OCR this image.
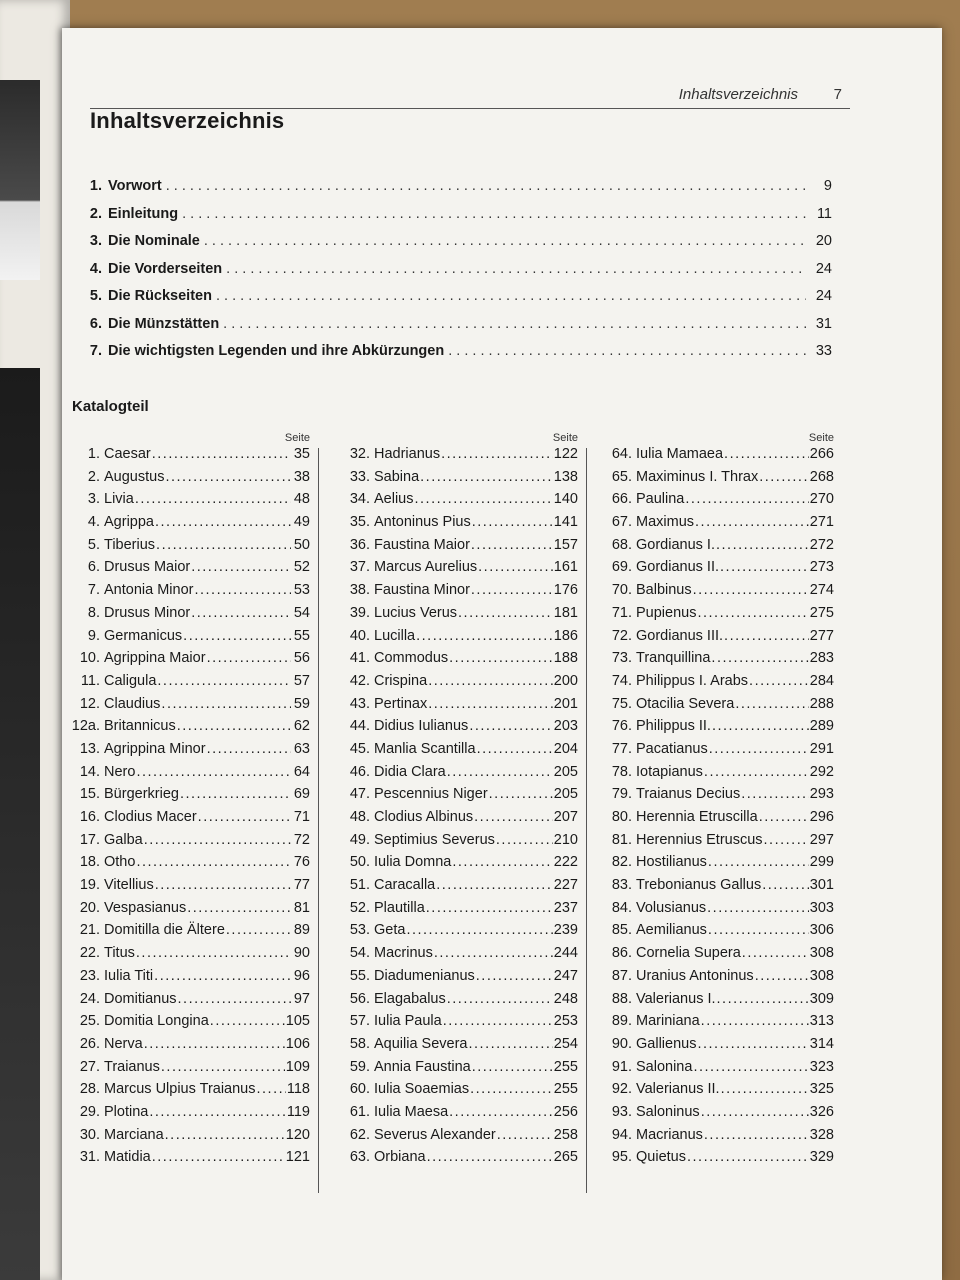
Inhaltsverzeichnis 7
Inhaltsverzeichnis
1. Vorwort . . .	9
2. Einleitung . . .	11
3. Die Nominale . . .	20
4. Die Vorderseiten . . .	24
5. Die Rückseiten . . .	24
6. Die Münzstätten . . .	31
7. Die wichtigsten Legenden und ihre Abkürzungen . . .	33
Katalogteil
Seite
1. Caesar .....	35
2. Augustus .....	38
3. Livia .....	48
4. Agrippa .....	49
5. Tiberius .....	50
6. Drusus Maior .....	52
7. Antonia Minor .....	53
8. Drusus Minor .....	54
9. Germanicus .....	55
10. Agrippina Maior .....	56
11. Caligula .....	57
12. Claudius .....	59
12a. Britannicus .....	62
13. Agrippina Minor .....	63
14. Nero .....	64
15. Bürgerkrieg .....	69
16. Clodius Macer .....	71
17. Galba .....	72
18. Otho .....	76
19. Vitellius .....	77
20. Vespasianus .....	81
21. Domitilla die Ältere .....	89
22. Titus .....	90
23. Iulia Titi .....	96
24. Domitianus .....	97
25. Domitia Longina .....	105
26. Nerva .....	106
27. Traianus .....	109
28. Marcus Ulpius Traianus ..... 118
29. Plotina .....	119
30. Marciana .....	120
31. Matidia .....	121
Seite
32. Hadrianus .....	122
33. Sabina .....	138
34. Aelius .....	140
35. Antoninus Pius .....	141
36. Faustina Maior .....	157
37. Marcus Aurelius .....	161
38. Faustina Minor .....	176
39. Lucius Verus .....	181
40. Lucilla .....	186
41. Commodus .....	188
42. Crispina .....	200
43. Pertinax .....	201
44. Didius Iulianus .....	203
45. Manlia Scantilla .....	204
46. Didia Clara .....	205
47. Pescennius Niger .....	205
48. Clodius Albinus .....	207
49. Septimius Severus .....	210
50. Iulia Domna .....	222
51. Caracalla .....	227
52. Plautilla .....	237
53. Geta .....	239
54. Macrinus .....	244
55. Diadumenianus .....	247
56. Elagabalus .....	248
57. Iulia Paula .....	253
58. Aquilia Severa .....	254
59. Annia Faustina .....	255
60. Iulia Soaemias .....	255
61. Iulia Maesa .....	256
62. Severus Alexander .....	258
63. Orbiana .....	265
Seite
64. Iulia Mamaea .....	266
65. Maximinus I. Thrax .....	268
66. Paulina .....	270
67. Maximus .....	271
68. Gordianus I. .....	272
69. Gordianus II. .....	273
70. Balbinus .....	274
71. Pupienus .....	275
72. Gordianus III. .....	277
73. Tranquillina .....	283
74. Philippus I. Arabs .....	284
75. Otacilia Severa .....	288
76. Philippus II. .....	289
77. Pacatianus .....	291
78. Iotapianus .....	292
79. Traianus Decius .....	293
80. Herennia Etruscilla .....	296
81. Herennius Etruscus .....	297
82. Hostilianus .....	299
83. Trebonianus Gallus .....	301
84. Volusianus .....	303
85. Aemilianus .....	306
86. Cornelia Supera .....	308
87. Uranius Antoninus .....	308
88. Valerianus I. .....	309
89. Mariniana .....	313
90. Gallienus .....	314
91. Salonina .....	323
92. Valerianus II. .....	325
93. Saloninus .....	326
94. Macrianus .....	328
95. Quietus .....	329
